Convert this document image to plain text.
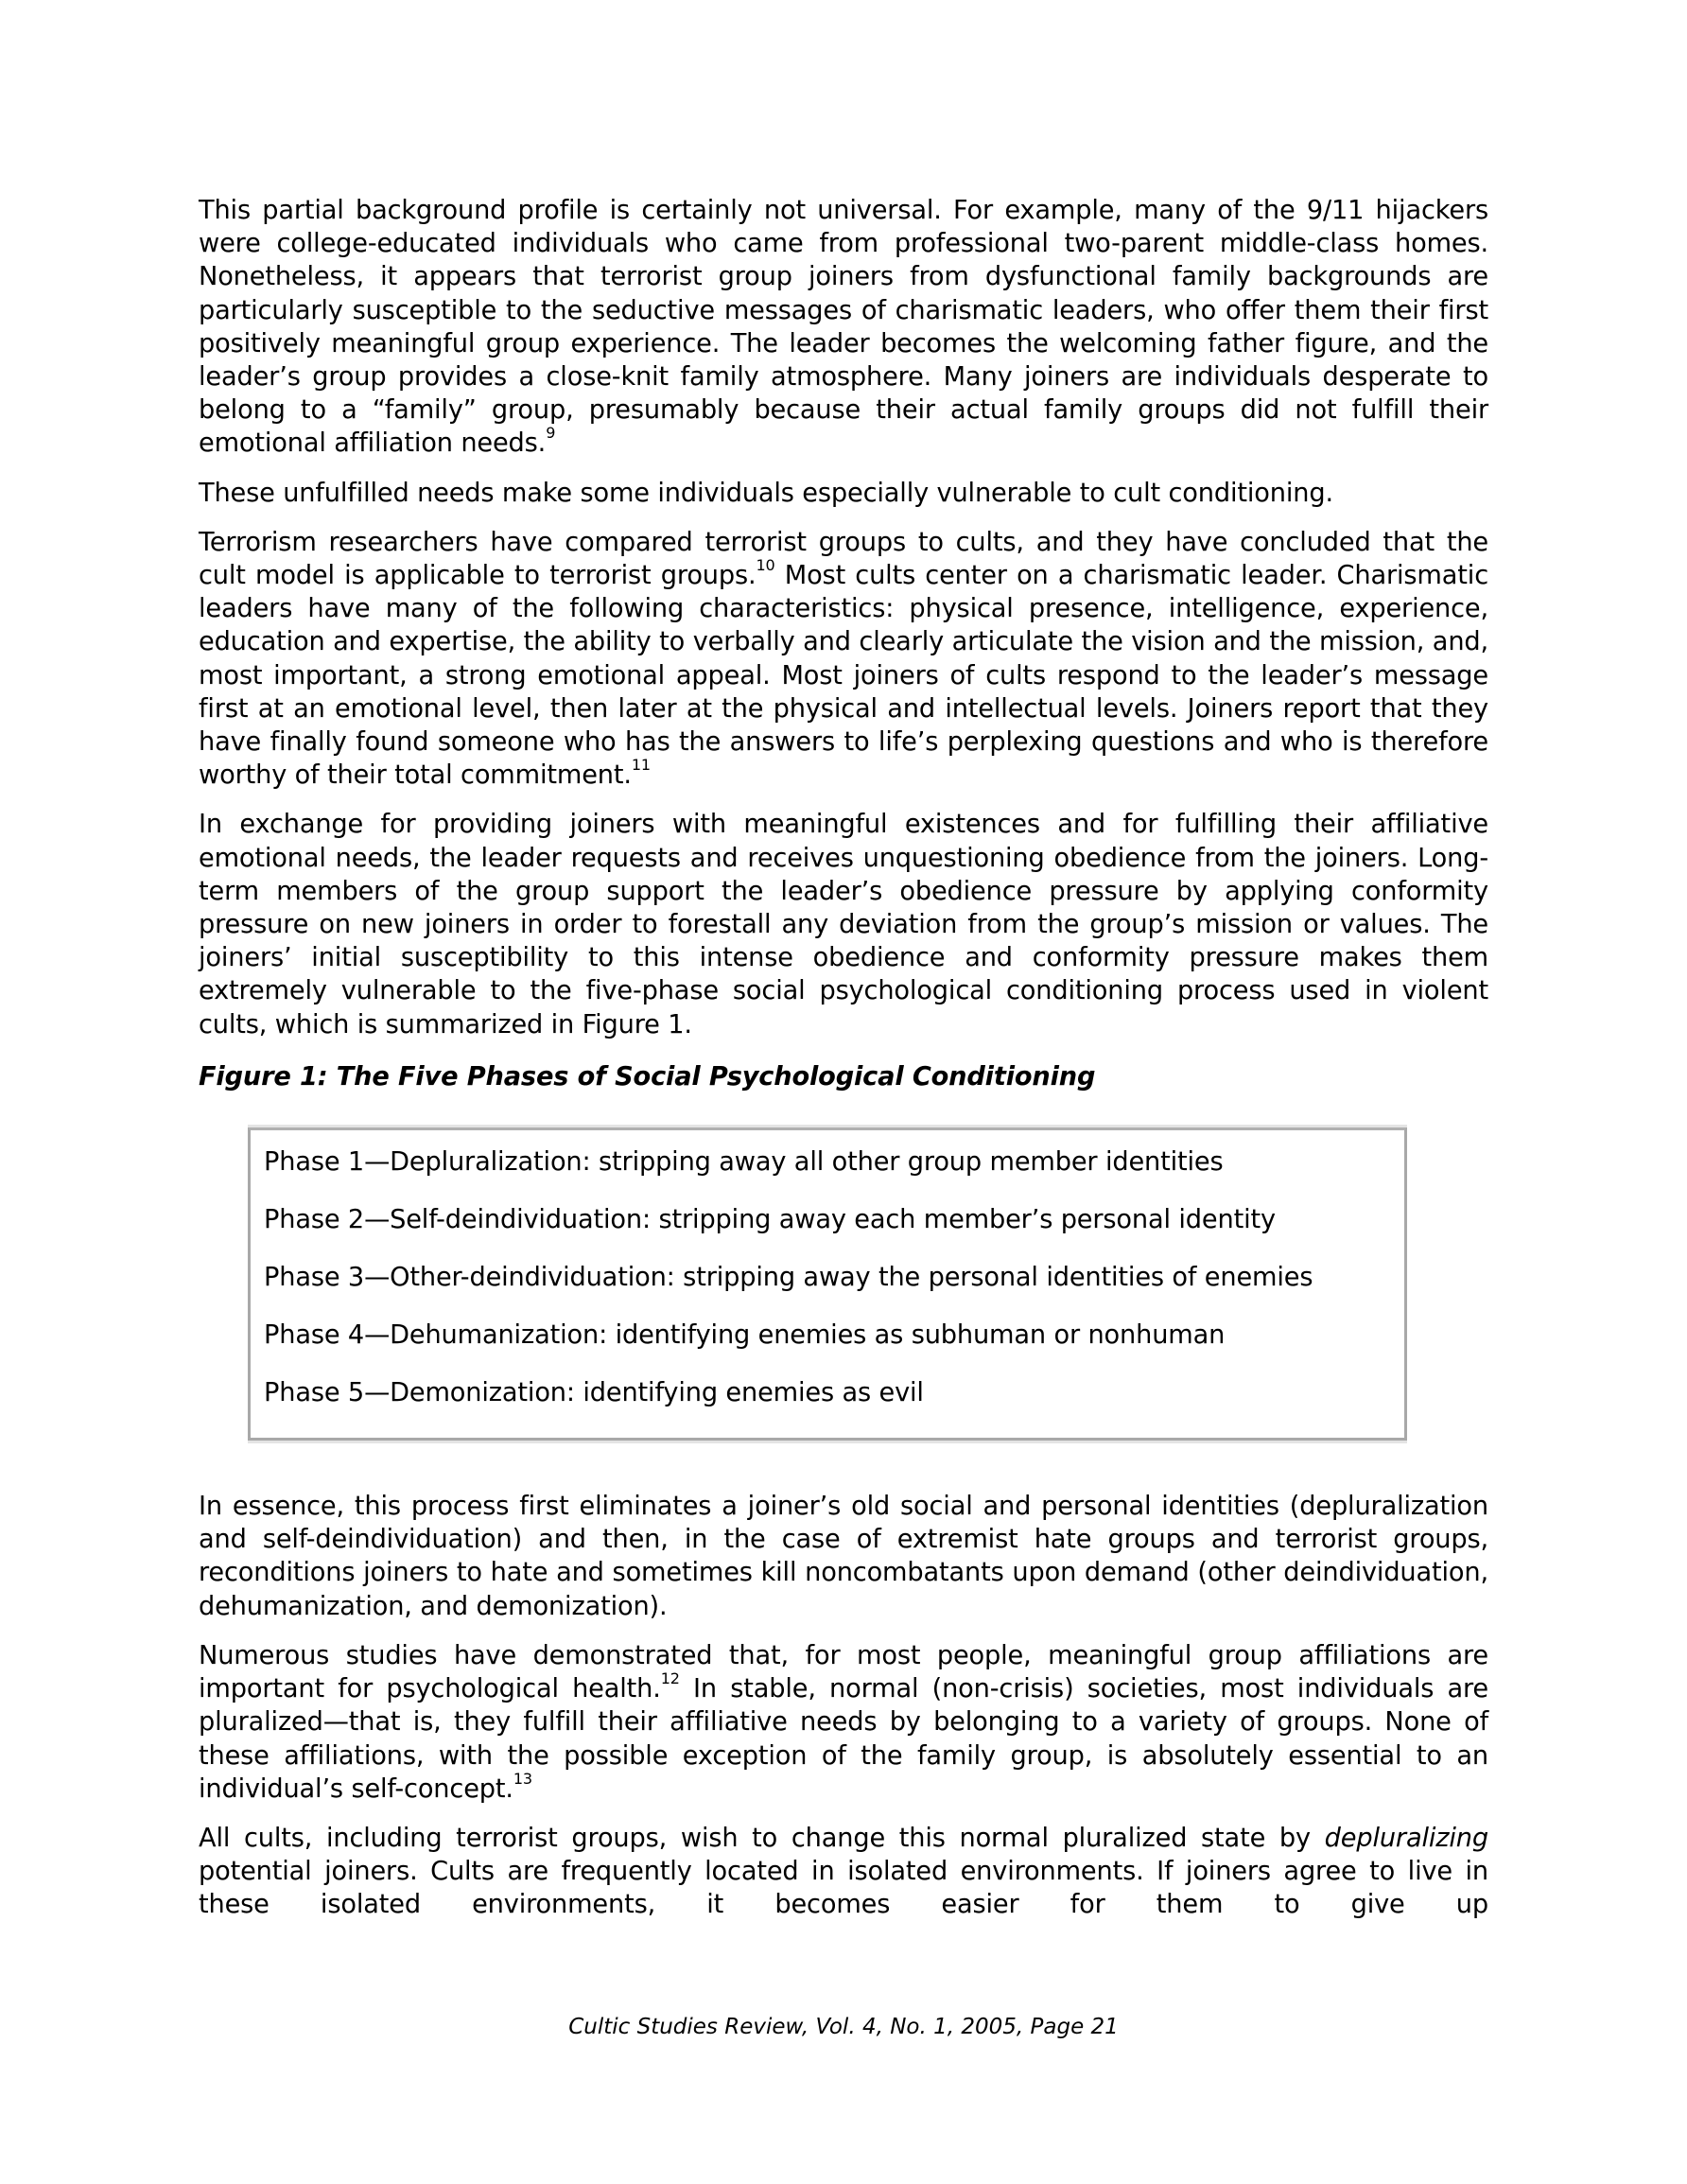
This partial background profile is certainly not universal. For example, many of the 9/11 hijackers were college-educated individuals who came from professional two-parent middle-class homes. Nonetheless, it appears that terrorist group joiners from dysfunctional family backgrounds are particularly susceptible to the seductive messages of charismatic leaders, who offer them their first positively meaningful group experience. The leader becomes the welcoming father figure, and the leader’s group provides a close-knit family atmosphere. Many joiners are individuals desperate to belong to a “family” group, presumably because their actual family groups did not fulfill their emotional affiliation needs.$^9$

These unfulfilled needs make some individuals especially vulnerable to cult conditioning.

Terrorism researchers have compared terrorist groups to cults, and they have concluded that the cult model is applicable to terrorist groups.$^{10}$ Most cults center on a charismatic leader. Charismatic leaders have many of the following characteristics: physical presence, intelligence, experience, education and expertise, the ability to verbally and clearly articulate the vision and the mission, and, most important, a strong emotional appeal. Most joiners of cults respond to the leader’s message first at an emotional level, then later at the physical and intellectual levels. Joiners report that they have finally found someone who has the answers to life’s perplexing questions and who is therefore worthy of their total commitment.$^{11}$

In exchange for providing joiners with meaningful existences and for fulfilling their affiliative emotional needs, the leader requests and receives unquestioning obedience from the joiners. Long-term members of the group support the leader’s obedience pressure by applying conformity pressure on new joiners in order to forestall any deviation from the group’s mission or values. The joiners’ initial susceptibility to this intense obedience and conformity pressure makes them extremely vulnerable to the five-phase social psychological conditioning process used in violent cults, which is summarized in Figure 1.

Figure 1: The Five Phases of Social Psychological Conditioning

Phase 1—Depluralization: stripping away all other group member identities

Phase 2—Self-deindividuation: stripping away each member’s personal identity

Phase 3—Other-deindividuation: stripping away the personal identities of enemies

Phase 4—Dehumanization: identifying enemies as subhuman or nonhuman

Phase 5—Demonization: identifying enemies as evil

In essence, this process first eliminates a joiner’s old social and personal identities (depluralization and self-deindividuation) and then, in the case of extremist hate groups and terrorist groups, reconditions joiners to hate and sometimes kill noncombatants upon demand (other deindividuation, dehumanization, and demonization).

Numerous studies have demonstrated that, for most people, meaningful group affiliations are important for psychological health.$^{12}$ In stable, normal (non-crisis) societies, most individuals are pluralized—that is, they fulfill their affiliative needs by belonging to a variety of groups. None of these affiliations, with the possible exception of the family group, is absolutely essential to an individual’s self-concept.$^{13}$

All cults, including terrorist groups, wish to change this normal pluralized state by depluralizing potential joiners. Cults are frequently located in isolated environments. If joiners agree to live in these isolated environments, it becomes easier for them to give up

Cultic Studies Review, Vol. 4, No. 1, 2005, Page 21
